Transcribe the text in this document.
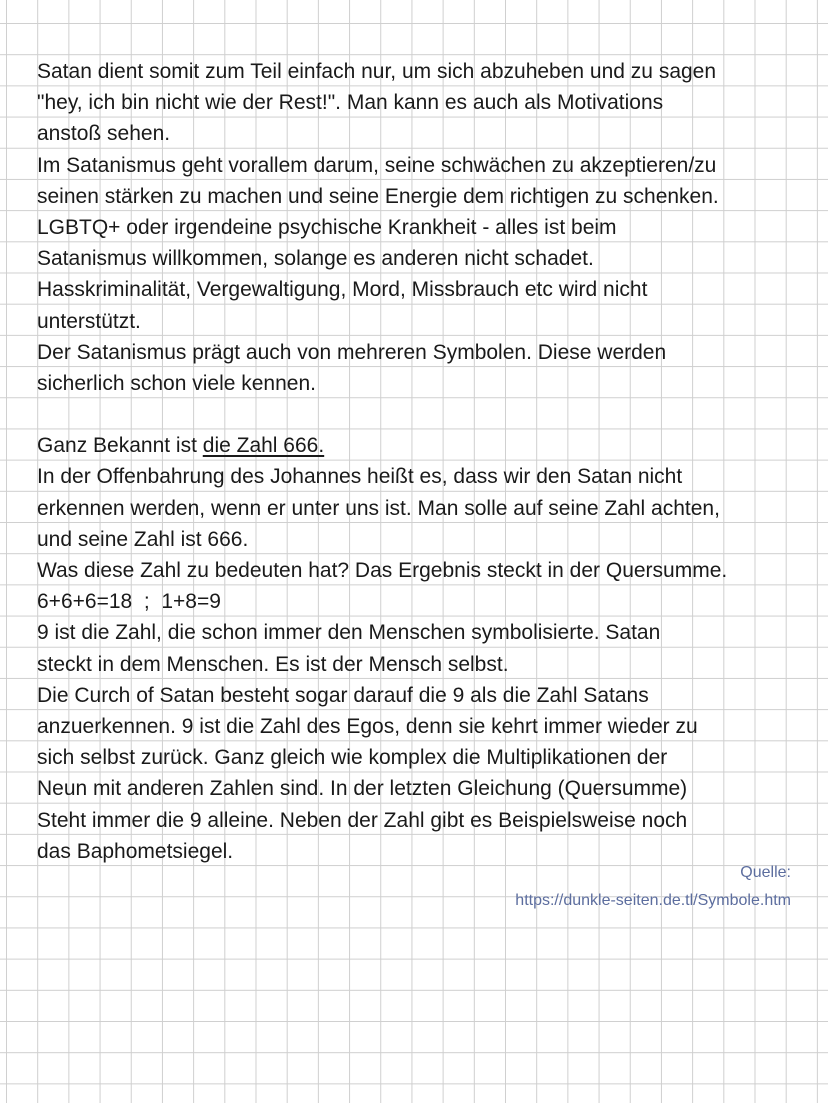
Satan dient somit zum Teil einfach nur, um sich abzuheben und zu sagen
"hey, ich bin nicht wie der Rest!". Man kann es auch als Motivations
anstoß sehen.
Im Satanismus geht vorallem darum, seine schwächen zu akzeptieren/zu
seinen stärken zu machen und seine Energie dem richtigen zu schenken.
LGBTQ+ oder irgendeine psychische Krankheit - alles ist beim
Satanismus willkommen, solange es anderen nicht schadet.
Hasskriminalität, Vergewaltigung, Mord, Missbrauch etc wird nicht
unterstützt.
Der Satanismus prägt auch von mehreren Symbolen. Diese werden
sicherlich schon viele kennen.
Ganz Bekannt ist die Zahl 666.
In der Offenbahrung des Johannes heißt es, dass wir den Satan nicht
erkennen werden, wenn er unter uns ist. Man solle auf seine Zahl achten,
und seine Zahl ist 666.
Was diese Zahl zu bedeuten hat? Das Ergebnis steckt in der Quersumme.
6+6+6=18  ;  1+8=9
9 ist die Zahl, die schon immer den Menschen symbolisierte. Satan
steckt in dem Menschen. Es ist der Mensch selbst.
Die Curch of Satan besteht sogar darauf die 9 als die Zahl Satans
anzuerkennen. 9 ist die Zahl des Egos, denn sie kehrt immer wieder zu
sich selbst zurück. Ganz gleich wie komplex die Multiplikationen der
Neun mit anderen Zahlen sind. In der letzten Gleichung (Quersumme)
Steht immer die 9 alleine. Neben der Zahl gibt es Beispielsweise noch
das Baphometsiegel.
Quelle:
https://dunkle-seiten.de.tl/Symbole.htm
